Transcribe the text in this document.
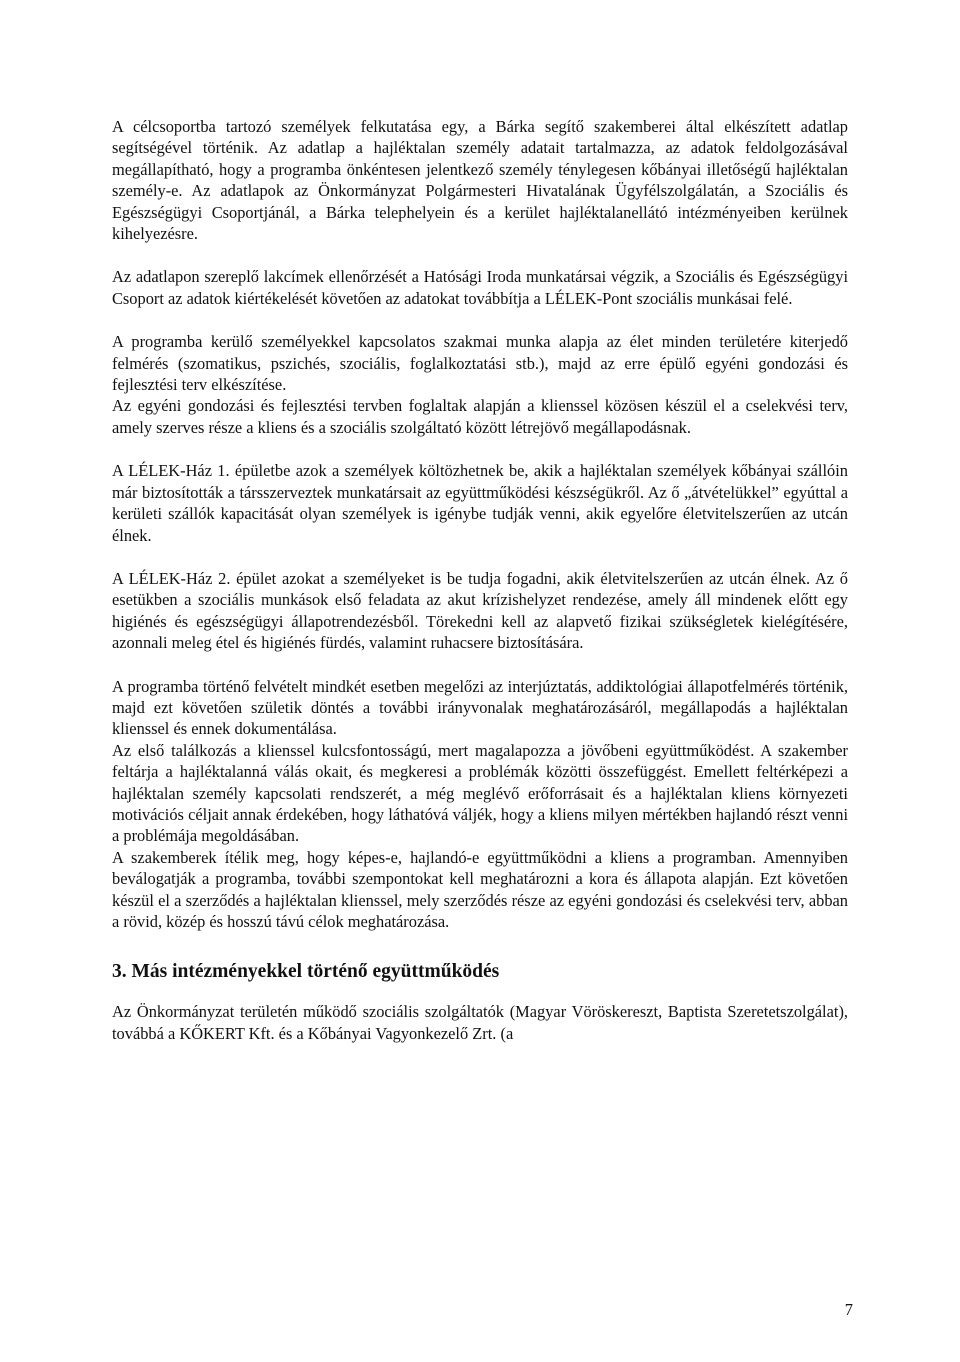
A célcsoportba tartozó személyek felkutatása egy, a Bárka segítő szakemberei által elkészített adatlap segítségével történik. Az adatlap a hajléktalan személy adatait tartalmazza, az adatok feldolgozásával megállapítható, hogy a programba önkéntesen jelentkező személy ténylegesen kőbányai illetőségű hajléktalan személy-e. Az adatlapok az Önkormányzat Polgármesteri Hivatalának Ügyfélszolgálatán, a Szociális és Egészségügyi Csoportjánál, a Bárka telephelyein és a kerület hajléktalanellátó intézményeiben kerülnek kihelyezésre.

Az adatlapon szereplő lakcímek ellenőrzését a Hatósági Iroda munkatársai végzik, a Szociális és Egészségügyi Csoport az adatok kiértékelését követően az adatokat továbbítja a LÉLEK-Pont szociális munkásai felé.

A programba kerülő személyekkel kapcsolatos szakmai munka alapja az élet minden területére kiterjedő felmérés (szomatikus, pszichés, szociális, foglalkoztatási stb.), majd az erre épülő egyéni gondozási és fejlesztési terv elkészítése.

Az egyéni gondozási és fejlesztési tervben foglaltak alapján a klienssel közösen készül el a cselekvési terv, amely szerves része a kliens és a szociális szolgáltató között létrejövő megállapodásnak.

A LÉLEK-Ház 1. épületbe azok a személyek költözhetnek be, akik a hajléktalan személyek kőbányai szállóin már biztosították a társszerveztek munkatársait az együttműködési készségükről. Az ő „átvételükkel” egyúttal a kerületi szállók kapacitását olyan személyek is igénybe tudják venni, akik egyelőre életvitelszerűen az utcán élnek.

A LÉLEK-Ház 2. épület azokat a személyeket is be tudja fogadni, akik életvitelszerűen az utcán élnek. Az ő esetükben a szociális munkások első feladata az akut krízishelyzet rendezése, amely áll mindenek előtt egy higiénés és egészségügyi állapotrendezésből. Törekedni kell az alapvető fizikai szükségletek kielégítésére, azonnali meleg étel és higiénés fürdés, valamint ruhacsere biztosítására.

A programba történő felvételt mindkét esetben megelőzi az interjúztatás, addiktológiai állapotfelmérés történik, majd ezt követően születik döntés a további irányvonalak meghatározásáról, megállapodás a hajléktalan klienssel és ennek dokumentálása.

Az első találkozás a klienssel kulcsfontosságú, mert magalapozza a jövőbeni együttműködést. A szakember feltárja a hajléktalanná válás okait, és megkeresi a problémák közötti összefüggést. Emellett feltérképezi a hajléktalan személy kapcsolati rendszerét, a még meglévő erőforrásait és a hajléktalan kliens környezeti motivációs céljait annak érdekében, hogy láthatóvá váljék, hogy a kliens milyen mértékben hajlandó részt venni a problémája megoldásában.

A szakemberek ítélik meg, hogy képes-e, hajlandó-e együttműködni a kliens a programban. Amennyiben beválogatják a programba, további szempontokat kell meghatározni a kora és állapota alapján. Ezt követően készül el a szerződés a hajléktalan klienssel, mely szerződés része az egyéni gondozási és cselekvési terv, abban a rövid, közép és hosszú távú célok meghatározása.

3. Más intézményekkel történő együttműködés

Az Önkormányzat területén működő szociális szolgáltatók (Magyar Vöröskereszt, Baptista Szeretetszolgálat), továbbá a KŐKERT Kft. és a Kőbányai Vagyonkezelő Zrt. (a

7
